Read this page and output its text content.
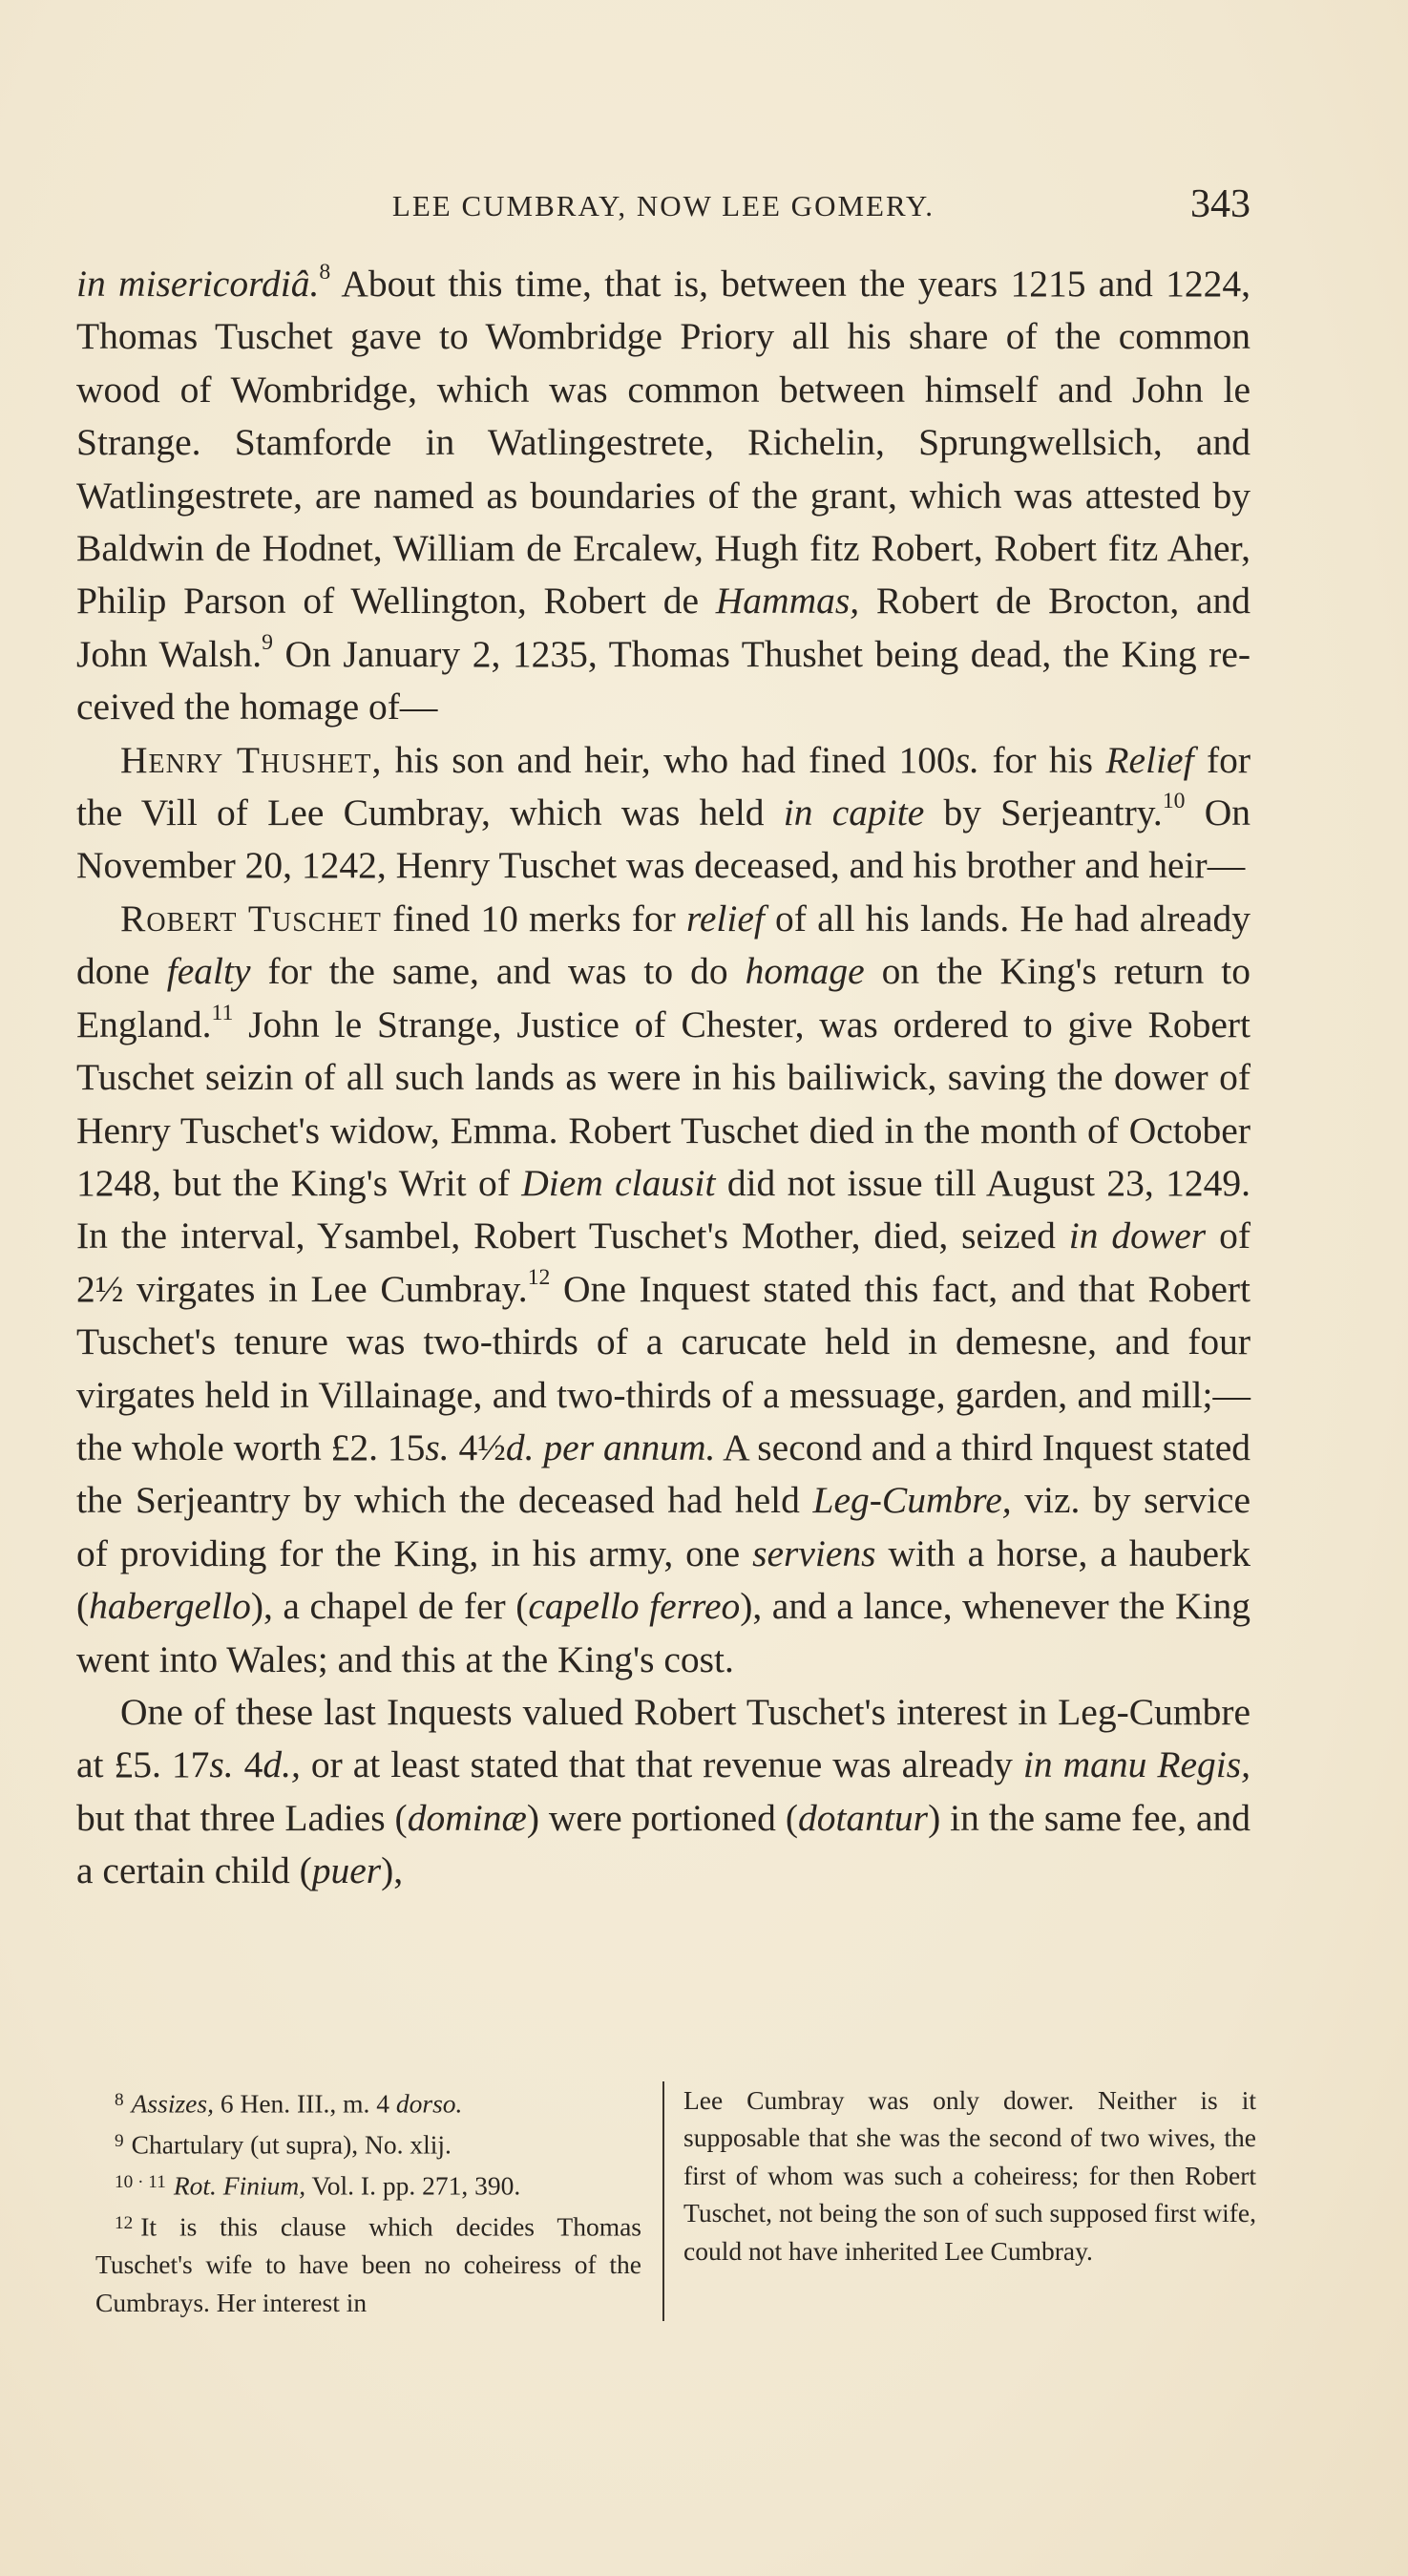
LEE CUMBRAY, NOW LEE GOMERY.	343

in misericordiâ.$^8$ About this time, that is, between the years 1215 and 1224, Thomas Tuschet gave to Wombridge Priory all his share of the common wood of Wombridge, which was common between himself and John le Strange. Stamforde in Watlingestrete, Richelin, Sprungwellsich, and Watlingestrete, are named as boundaries of the grant, which was attested by Baldwin de Hodnet, William de Ercalew, Hugh fitz Robert, Robert fitz Aher, Philip Parson of Wellington, Robert de Hammas, Robert de Brocton, and John Walsh.$^9$ On January 2, 1235, Thomas Thushet being dead, the King received the homage of—

Henry Thushet, his son and heir, who had fined 100s. for his Relief for the Vill of Lee Cumbray, which was held in capite by Serjeantry.$^{10}$ On November 20, 1242, Henry Tuschet was deceased, and his brother and heir—

Robert Tuschet fined 10 merks for relief of all his lands. He had already done fealty for the same, and was to do homage on the King's return to England.$^{11}$ John le Strange, Justice of Chester, was ordered to give Robert Tuschet seizin of all such lands as were in his bailiwick, saving the dower of Henry Tuschet's widow, Emma. Robert Tuschet died in the month of October 1248, but the King's Writ of Diem clausit did not issue till August 23, 1249. In the interval, Ysambel, Robert Tuschet's Mother, died, seized in dower of 2½ virgates in Lee Cumbray.$^{12}$ One Inquest stated this fact, and that Robert Tuschet's tenure was two-thirds of a carucate held in demesne, and four virgates held in Villainage, and two-thirds of a messuage, garden, and mill;—the whole worth £2. 15s. 4½d. per annum. A second and a third Inquest stated the Serjeantry by which the deceased had held Leg-Cumbre, viz. by service of providing for the King, in his army, one serviens with a horse, a hauberk (habergello), a chapel de fer (capello ferreo), and a lance, whenever the King went into Wales; and this at the King's cost.

One of these last Inquests valued Robert Tuschet's interest in Leg-Cumbre at £5. 17s. 4d., or at least stated that that revenue was already in manu Regis, but that three Ladies (dominæ) were portioned (dotantur) in the same fee, and a certain child (puer),

$^8$ Assizes, 6 Hen. III., m. 4 dorso.

$^9$ Chartulary (ut supra), No. xlij.

$^{10 \cdot 11}$ Rot. Finium, Vol. I. pp. 271, 390.

$^{12}$ It is this clause which decides Thomas Tuschet's wife to have been no coheiress of the Cumbrays. Her interest in

Lee Cumbray was only dower. Neither is it supposable that she was the second of two wives, the first of whom was such a coheiress; for then Robert Tuschet, not being the son of such supposed first wife, could not have inherited Lee Cumbray.
